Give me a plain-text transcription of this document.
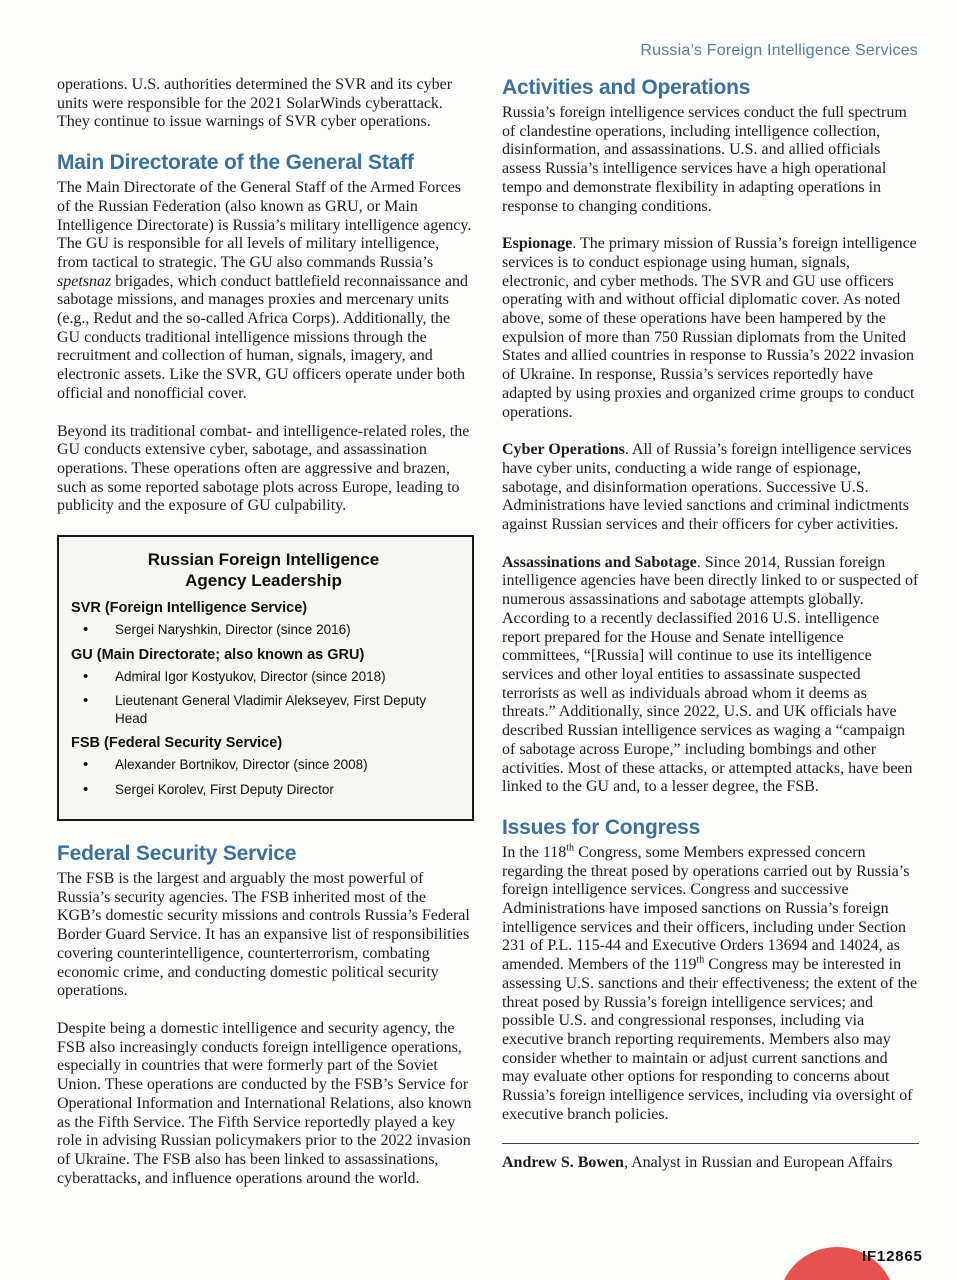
Russia’s Foreign Intelligence Services

operations. U.S. authorities determined the SVR and its cyber units were responsible for the 2021 SolarWinds cyberattack. They continue to issue warnings of SVR cyber operations.

Main Directorate of the General Staff

The Main Directorate of the General Staff of the Armed Forces of the Russian Federation (also known as GRU, or Main Intelligence Directorate) is Russia’s military intelligence agency. The GU is responsible for all levels of military intelligence, from tactical to strategic. The GU also commands Russia’s spetsnaz brigades, which conduct battlefield reconnaissance and sabotage missions, and manages proxies and mercenary units (e.g., Redut and the so-called Africa Corps). Additionally, the GU conducts traditional intelligence missions through the recruitment and collection of human, signals, imagery, and electronic assets. Like the SVR, GU officers operate under both official and nonofficial cover.

Beyond its traditional combat- and intelligence-related roles, the GU conducts extensive cyber, sabotage, and assassination operations. These operations often are aggressive and brazen, such as some reported sabotage plots across Europe, leading to publicity and the exposure of GU culpability.

Russian Foreign Intelligence
Agency Leadership
SVR (Foreign Intelligence Service)
• Sergei Naryshkin, Director (since 2016)
GU (Main Directorate; also known as GRU)
• Admiral Igor Kostyukov, Director (since 2018)
• Lieutenant General Vladimir Alekseyev, First Deputy Head
FSB (Federal Security Service)
• Alexander Bortnikov, Director (since 2008)
• Sergei Korolev, First Deputy Director
Federal Security Service

The FSB is the largest and arguably the most powerful of Russia’s security agencies. The FSB inherited most of the KGB’s domestic security missions and controls Russia’s Federal Border Guard Service. It has an expansive list of responsibilities covering counterintelligence, counterterrorism, combating economic crime, and conducting domestic political security operations.

Despite being a domestic intelligence and security agency, the FSB also increasingly conducts foreign intelligence operations, especially in countries that were formerly part of the Soviet Union. These operations are conducted by the FSB’s Service for Operational Information and International Relations, also known as the Fifth Service. The Fifth Service reportedly played a key role in advising Russian policymakers prior to the 2022 invasion of Ukraine. The FSB also has been linked to assassinations, cyberattacks, and influence operations around the world.

Activities and Operations

Russia’s foreign intelligence services conduct the full spectrum of clandestine operations, including intelligence collection, disinformation, and assassinations. U.S. and allied officials assess Russia’s intelligence services have a high operational tempo and demonstrate flexibility in adapting operations in response to changing conditions.

Espionage. The primary mission of Russia’s foreign intelligence services is to conduct espionage using human, signals, electronic, and cyber methods. The SVR and GU use officers operating with and without official diplomatic cover. As noted above, some of these operations have been hampered by the expulsion of more than 750 Russian diplomats from the United States and allied countries in response to Russia’s 2022 invasion of Ukraine. In response, Russia’s services reportedly have adapted by using proxies and organized crime groups to conduct operations.

Cyber Operations. All of Russia’s foreign intelligence services have cyber units, conducting a wide range of espionage, sabotage, and disinformation operations. Successive U.S. Administrations have levied sanctions and criminal indictments against Russian services and their officers for cyber activities.

Assassinations and Sabotage. Since 2014, Russian foreign intelligence agencies have been directly linked to or suspected of numerous assassinations and sabotage attempts globally. According to a recently declassified 2016 U.S. intelligence report prepared for the House and Senate intelligence committees, “[Russia] will continue to use its intelligence services and other loyal entities to assassinate suspected terrorists as well as individuals abroad whom it deems as threats.” Additionally, since 2022, U.S. and UK officials have described Russian intelligence services as waging a “campaign of sabotage across Europe,” including bombings and other activities. Most of these attacks, or attempted attacks, have been linked to the GU and, to a lesser degree, the FSB.

Issues for Congress

In the 118th Congress, some Members expressed concern regarding the threat posed by operations carried out by Russia’s foreign intelligence services. Congress and successive Administrations have imposed sanctions on Russia’s foreign intelligence services and their officers, including under Section 231 of P.L. 115-44 and Executive Orders 13694 and 14024, as amended. Members of the 119th Congress may be interested in assessing U.S. sanctions and their effectiveness; the extent of the threat posed by Russia’s foreign intelligence services; and possible U.S. and congressional responses, including via executive branch reporting requirements. Members also may consider whether to maintain or adjust current sanctions and may evaluate other options for responding to concerns about Russia’s foreign intelligence services, including via oversight of executive branch policies.

Andrew S. Bowen, Analyst in Russian and European Affairs

IF12865
